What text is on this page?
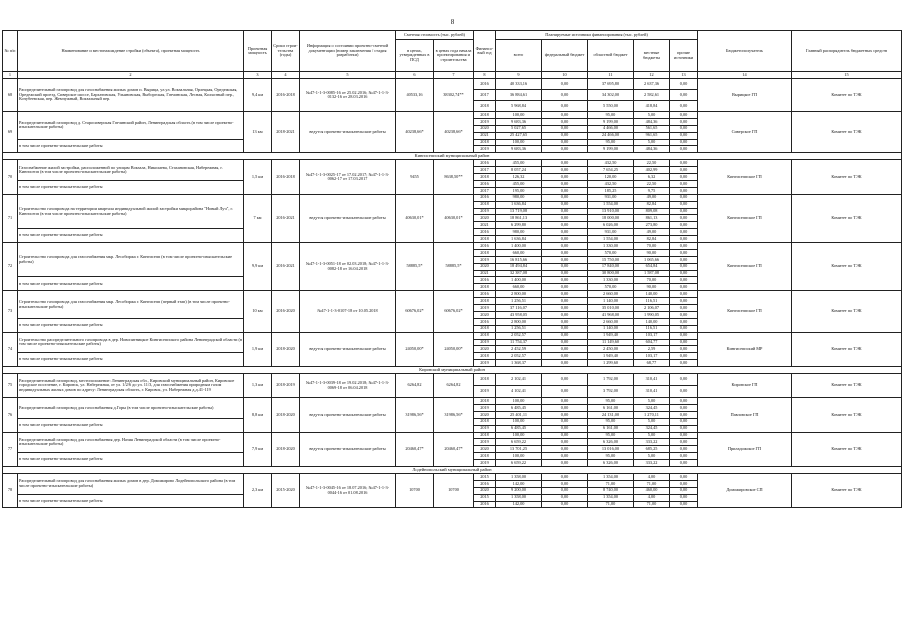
8
№ п/п	Наименование и местонахождение стройки (объекта), проектная мощность	Проектная мощность	Сроки строи-тельства (годы)	Информация о состоянии проектно-сметной документации (номер заключения / стадия разработки)	Сметная стоимость (тыс. рублей)		Финансо-вый год	Планируемые источники финансирования (тыс. рублей)					Бюджетополучатель	Главный распорядитель бюджетных средств
					в ценах, утвержденных в ПСД	в ценах года начала проектирования и строительства		всего	федеральный бюджет	областной бюджет	местные бюджеты	прочие источники		
1	2	3	4	5	6	7	8	9	10	11	12	13	14	15
68	Распределительный газопровод для газоснабжения жилых домов п. Вырица, ул.ул. Вокзальная, Орлецкая, Оредежская, Оредежский проезд, Сиверское шоссе, Бархатовская, Ульяновская, Выборгская, Гатчинская, Лесная, Колхозный пер., Кочубеевская, пер. Жемчужный, Вокзальный пер.	9,4 км	2016-2018	№47-1-1-3-0085-16 от 25.02.2016; №47-1-1-3-0132-16 от 28.03.2016	40533,16	38302,74**	2016	40 333,16	0,00	37 695,80	2 637,36	0,00	Вырицкое ГП	Комитет по ТЭК
							2017	36 884,61	0,00	34 302,00	2 582,61	0,00		
							2018	5 968,84	0,00	5 550,00	418,84	0,00		
69	Распределительный газопровод д. Старосиверская Гатчинский район, Ленинградская область (в том числе проектно-изыскательские работы)	13 км	2018-2021	ведутся проектно-изыскательские работы	40238,66*	40238,66*	2018	100,00	0,00	95,00	5,00	0,00	Сиверское ГП	Комитет по ТЭК
							2019	9 683,36	0,00	9 199,00	484,36	0,00		
							2020	5 027,65	0,00	4 466,00	561,65	0,00		
							2021	25 427,65	0,00	24 466,00	961,65	0,00		
	в том числе проектно-изыскательские работы						2018	100,00	0,00	95,00	5,00	0,00		
							2019	9 683,36	0,00	9 199,00	484,36	0,00		
Кингисеппский муниципальный район														
70	Газоснабжение жилой застройки, расположенной по улицам Вокзала, Николаева, Стахановская, Набережная, г. Кингисепп (в том числе проектно-изыскательские работы)	1,5 км	2016-2018	№47-1-1-3-0025-17 от 17.02.2017; №47-1-1-3-0062-17 от 17.03.2017	9455	8638,50**	2016	455,00	0,00	432,50	22,50	0,00	Кингисеппское ГП	Комитет по ТЭК
							2017	8 057,24	0,00	7 654,25	402,99	0,00		
							2018	126,32	0,00	120,00	6,32	0,00		
	в том числе проектно-изыскательские работы						2016	455,00	0,00	432,50	22,50	0,00		
							2017	195,00	0,00	185,25	9,75	0,00		
71	Строительство газопровода на территории квартала индивидуальной жилой застройки микрорайона "Новый Луч", г. Кингисепп (в том числе проектно-изыскательские работы)	7 км	2016-2021	ведутся проектно-изыскательские работы	40630,01*	40630,01*	2016	980,00	0,00	931,00	49,00	0,00	Кингисеппское ГП	Комитет по ТЭК
							2018	1 636,84	0,00	1 554,00	82,84	0,00		
							2019	13 719,08	0,00	13 910,00	809,08	0,00		
							2020	18 861,13	0,00	18 000,00	861,13	0,00		
							2021	6 299,80	0,00	6 026,00	273,80	0,00		
	в том числе проектно-изыскательские работы						2016	980,00	0,00	931,00	49,00	0,00		
							2018	1 636,84	0,00	1 554,00	82,84	0,00		
72	Строительство газопровода для газоснабжения мкр. Лесобиржа г. Кингисепп (в том числе проектно-изыскательские работы)	9,9 км	2016-2021	№47-1-1-3-0051-18 от 02.03.2018; №47-1-1-3-0082-18 от 16.04.2018	58885,5*	58885,5*	2016	1 400,00	0,00	1 330,00	70,00	0,00	Кингисеппское ГП	Комитет по ТЭК
							2018	660,00	0,00	570,00	90,00	0,00		
							2019	16 815,66	0,00	15 750,00	1 065,66	0,00		
							2020	18 494,84	0,00	17 840,00	654,84	0,00		
							2021	32 387,08	0,00	30 800,00	1 587,08	0,00		
	в том числе проектно-изыскательские работы						2016	1 400,00	0,00	1 330,00	70,00	0,00		
							2018	660,00	0,00	570,00	90,00	0,00		
73	Строительство газопровода для газоснабжения мкр. Лесобиржа г. Кингисепп (первый этап) (в том числе проектно-изыскательские работы)	10 км	2016-2020	№47-1-1-3-0107-18 от 10.05.2018	60676,02*	60676,02*	2016	2 800,00	0,00	2 660,00	140,00	0,00	Кингисеппское ГП	Комитет по ТЭК
							2018	1 256,51	0,00	1 140,00	116,51	0,00		
							2019	37 116,07	0,00	35 010,00	2 106,07	0,00		
							2020	43 958,05	0,00	41 968,00	1 990,05	0,00		
	в том числе проектно-изыскательские работы						2016	2 800,00	0,00	2 660,00	140,00	0,00		
							2018	1 256,51	0,00	1 140,00	116,51	0,00		
74	Строительство распределительного газопровода в дер. Новопятницкое Кингисеппского района Ленинградской области (в том числе проектно-изыскательские работы)	1,9 км	2018-2020	ведутся проектно-изыскательские работы	24050,00*	24050,00*	2018	2 052,57	0,00	1 949,40	103,17	0,00	Кингисеппский МР	Комитет по ТЭК
							2019	11 754,37	0,00	11 149,60	604,77	0,00		
							2020	2 452,59	0,00	2 450,00	2,59	0,00		
	в том числе проектно-изыскательские работы						2018	2 052,57	0,00	1 949,40	103,17	0,00		
							2019	1 368,37	0,00	1 299,60	68,77	0,00		
Кировский муниципальный район														
75	Распределительный газопровод, местоположение: Ленинградская обл., Кировский муниципальный район, Кировское городское поселение, г. Кировск, ул. Набережная, от ул. 1/2/6 до ул. 11/3, для газоснабжения природным газом индивидуальных жилых домов по адресу: Ленинградская область, г. Кировск, ул. Набережная д.д.41-119	1,3 км	2018-2019	№47-1-1-3-0039-18 от 19.02.2018; №47-1-1-3-0069-18 от 06.04.2018	6264,82	6264,82	2018	2 102,41	0,00	1 792,00	310,41	0,00	Кировское ГП	Комитет по ТЭК
							2019	4 102,41	0,00	3 792,00	310,41	0,00		
76	Распределительный газопровод для газоснабжения д.Горы (в том числе проектно-изыскательские работы)	8,8 км	2018-2020	ведутся проектно-изыскательские работы	31986,56*	31986,56*	2018	100,00	0,00	95,00	5,00	0,00	Павловское ГП	Комитет по ТЭК
							2019	6 485,45	0,00	6 161,00	324,45	0,00		
							2020	25 401,11	0,00	24 131,00	1 270,11	0,00		
	в том числе проектно-изыскательские работы						2018	100,00	0,00	95,00	5,00	0,00		
							2019	6 485,45	0,00	6 161,00	324,45	0,00		
77	Распределительный газопровод для газоснабжения дер. Назия Ленинградской области (в том числе проектно-изыскательские работы)	7,9 км	2018-2020	ведутся проектно-изыскательские работы	20460,47*	20460,47*	2018	100,00	0,00	95,00	5,00	0,00	Приладожское ГП	Комитет по ТЭК
							2019	6 659,22	0,00	6 326,00	333,22	0,00		
							2020	13 701,25	0,00	13 016,00	685,25	0,00		
	в том числе проектно-изыскательские работы						2018	100,00	0,00	95,00	5,00	0,00		
							2019	6 659,22	0,00	6 326,00	333,22	0,00		
Лодейнопольский муниципальный район														
78	Распределительный газопровод для газоснабжения жилых домов в дер. Доможирово Лодейнопольского района (в том числе проектно-изыскательские работы)	2,3 км	2015-2020	№47-1-1-3-0045-16 от 18.07.2016; №47-1-1-3-0044-16 от 01.08.2016	10700	10700	2015	1 358,00	0,00	1 354,00	4,00	0,00	Доможировское СП	Комитет по ТЭК
							2016	142,00	0,00	71,00	71,00	0,00		
							2020	9 200,00	0,00	8 740,00	460,00	0,00		
	в том числе проектно-изыскательские работы						2015	1 358,00	0,00	1 354,00	4,00	0,00		
							2016	142,00	0,00	71,00	71,00	0,00		
